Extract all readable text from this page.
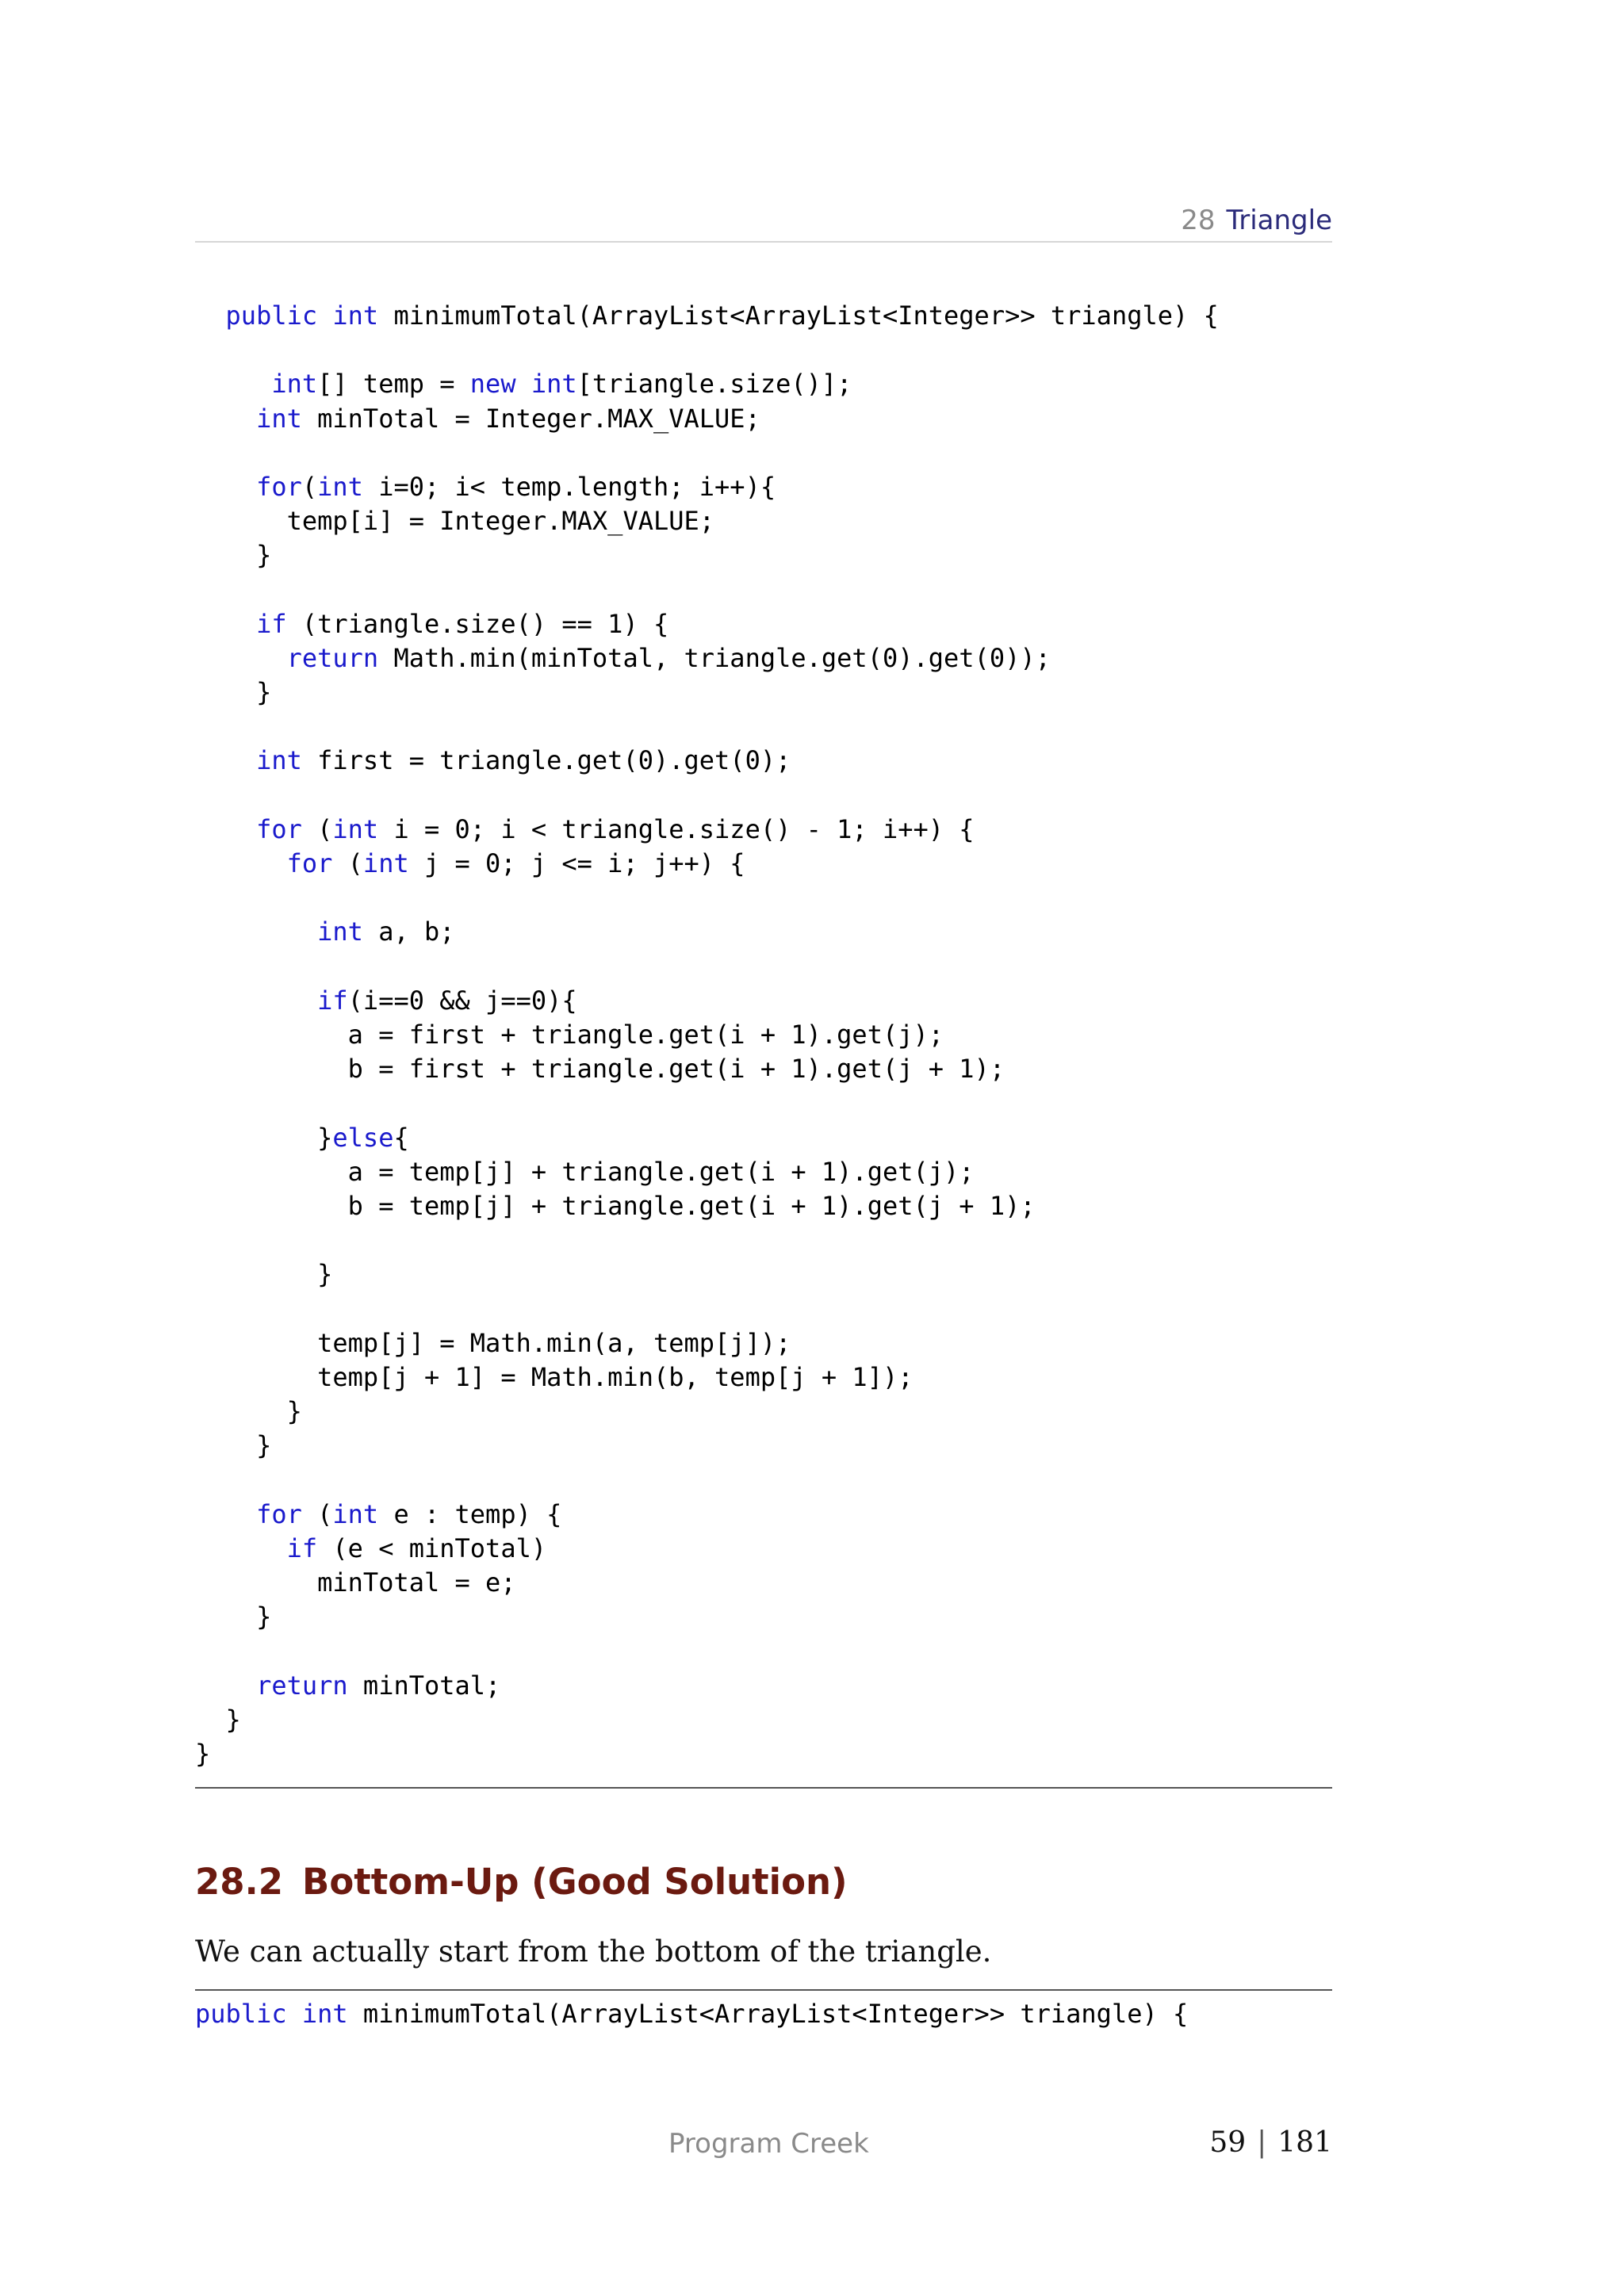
28 Triangle
public int minimumTotal(ArrayList<ArrayList<Integer>> triangle) {
int[] temp = new int[triangle.size()];
int minTotal = Integer.MAX_VALUE;
for(int i=0; i< temp.length; i++){
temp[i] = Integer.MAX_VALUE;
}
if (triangle.size() == 1) {
return Math.min(minTotal, triangle.get(0).get(0));
}
int first = triangle.get(0).get(0);
for (int i = 0; i < triangle.size() - 1; i++) {
for (int j = 0; j <= i; j++) {
int a, b;
if(i==0 && j==0){
a = first + triangle.get(i + 1).get(j);
b = first + triangle.get(i + 1).get(j + 1);
}else{
a = temp[j] + triangle.get(i + 1).get(j);
b = temp[j] + triangle.get(i + 1).get(j + 1);
}
temp[j] = Math.min(a, temp[j]);
temp[j + 1] = Math.min(b, temp[j + 1]);
}
}
for (int e : temp) {
if (e < minTotal)
minTotal = e;
}
return minTotal;
}
}
28.2 Bottom-Up (Good Solution)

We can actually start from the bottom of the triangle.

public int minimumTotal(ArrayList<ArrayList<Integer>> triangle) {
Program Creek	59 | 181
